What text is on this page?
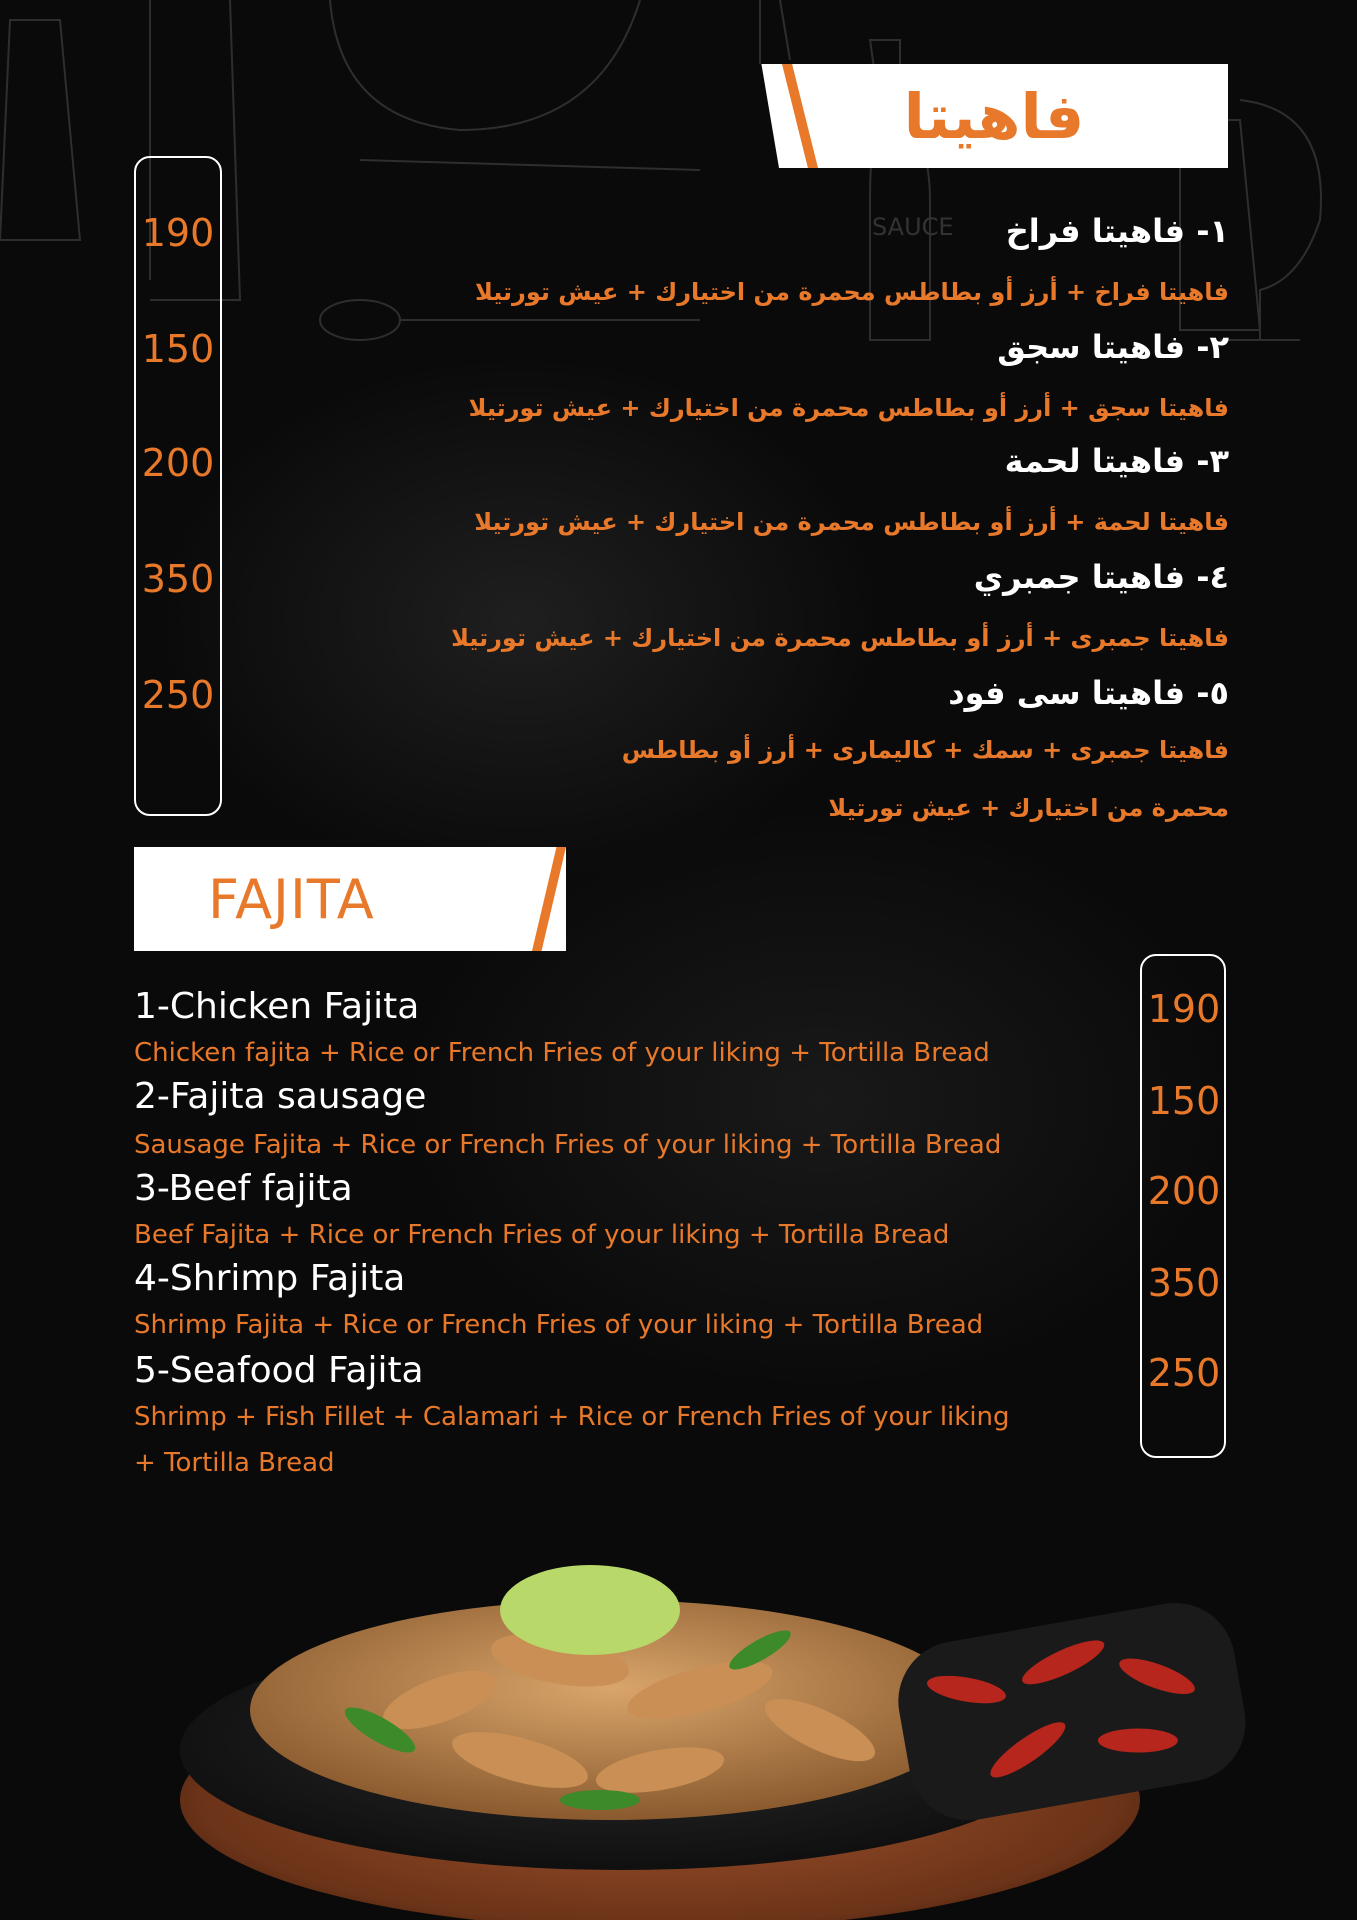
SAUCE
فاهيتا
190
150
200
350
250
١- فاهيتا فراخ
فاهيتا فراخ + أرز أو بطاطس محمرة من اختيارك + عيش تورتيلا
٢- فاهيتا سجق
فاهيتا سجق + أرز أو بطاطس محمرة من اختيارك + عيش تورتيلا
٣- فاهيتا لحمة
فاهيتا لحمة + أرز أو بطاطس محمرة من اختيارك + عيش تورتيلا
٤- فاهيتا جمبري
فاهيتا جمبرى + أرز أو بطاطس محمرة من اختيارك + عيش تورتيلا
٥- فاهيتا سى فود
فاهيتا جمبرى + سمك + كاليمارى + أرز أو بطاطس
محمرة من اختيارك + عيش تورتيلا
FAJITA
190
150
200
350
250
1-Chicken Fajita
Chicken fajita + Rice or French Fries of your liking + Tortilla Bread
2-Fajita sausage
Sausage Fajita + Rice or French Fries of your liking + Tortilla Bread
3-Beef fajita
Beef Fajita + Rice or French Fries of your liking + Tortilla Bread
4-Shrimp Fajita
Shrimp Fajita + Rice or French Fries of your liking + Tortilla Bread
5-Seafood Fajita
Shrimp + Fish Fillet + Calamari + Rice or French Fries of your liking
+ Tortilla Bread
